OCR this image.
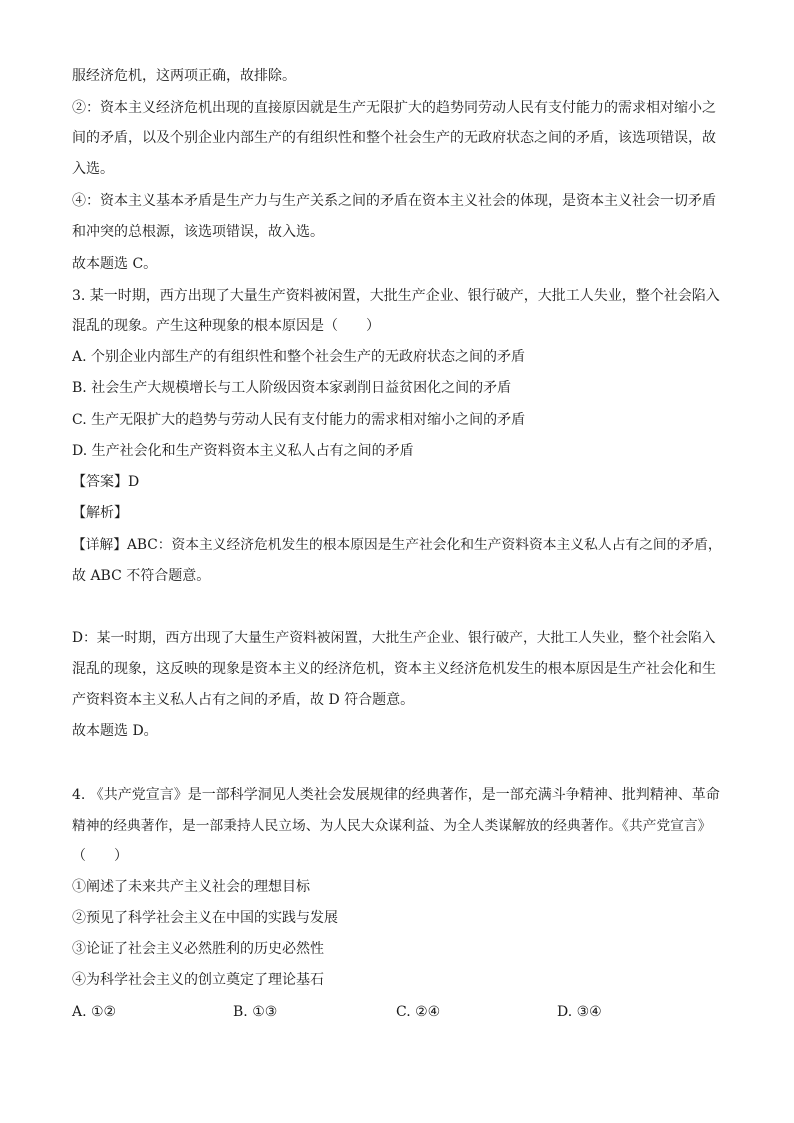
服经济危机，这两项正确，故排除。
②：资本主义经济危机出现的直接原因就是生产无限扩大的趋势同劳动人民有支付能力的需求相对缩小之
间的矛盾，以及个别企业内部生产的有组织性和整个社会生产的无政府状态之间的矛盾，该选项错误，故
入选。
④：资本主义基本矛盾是生产力与生产关系之间的矛盾在资本主义社会的体现，是资本主义社会一切矛盾
和冲突的总根源，该选项错误，故入选。
故本题选 C。
3. 某一时期，西方出现了大量生产资料被闲置，大批生产企业、银行破产，大批工人失业，整个社会陷入
混乱的现象。产生这种现象的根本原因是（　　）
A. 个别企业内部生产的有组织性和整个社会生产的无政府状态之间的矛盾
B. 社会生产大规模增长与工人阶级因资本家剥削日益贫困化之间的矛盾
C. 生产无限扩大的趋势与劳动人民有支付能力的需求相对缩小之间的矛盾
D. 生产社会化和生产资料资本主义私人占有之间的矛盾
【答案】D
【解析】
【详解】ABC：资本主义经济危机发生的根本原因是生产社会化和生产资料资本主义私人占有之间的矛盾，
故 ABC 不符合题意。
D：某一时期，西方出现了大量生产资料被闲置，大批生产企业、银行破产，大批工人失业，整个社会陷入
混乱的现象，这反映的现象是资本主义的经济危机，资本主义经济危机发生的根本原因是生产社会化和生
产资料资本主义私人占有之间的矛盾，故 D 符合题意。
故本题选 D。
4. 《共产党宣言》是一部科学洞见人类社会发展规律的经典著作，是一部充满斗争精神、批判精神、革命
精神的经典著作，是一部秉持人民立场、为人民大众谋利益、为全人类谋解放的经典著作。《共产党宣言》
（　　）
①阐述了未来共产主义社会的理想目标
②预见了科学社会主义在中国的实践与发展
③论证了社会主义必然胜利的历史必然性
④为科学社会主义的创立奠定了理论基石
A. ①②	B. ①③	C. ②④	D. ③④
